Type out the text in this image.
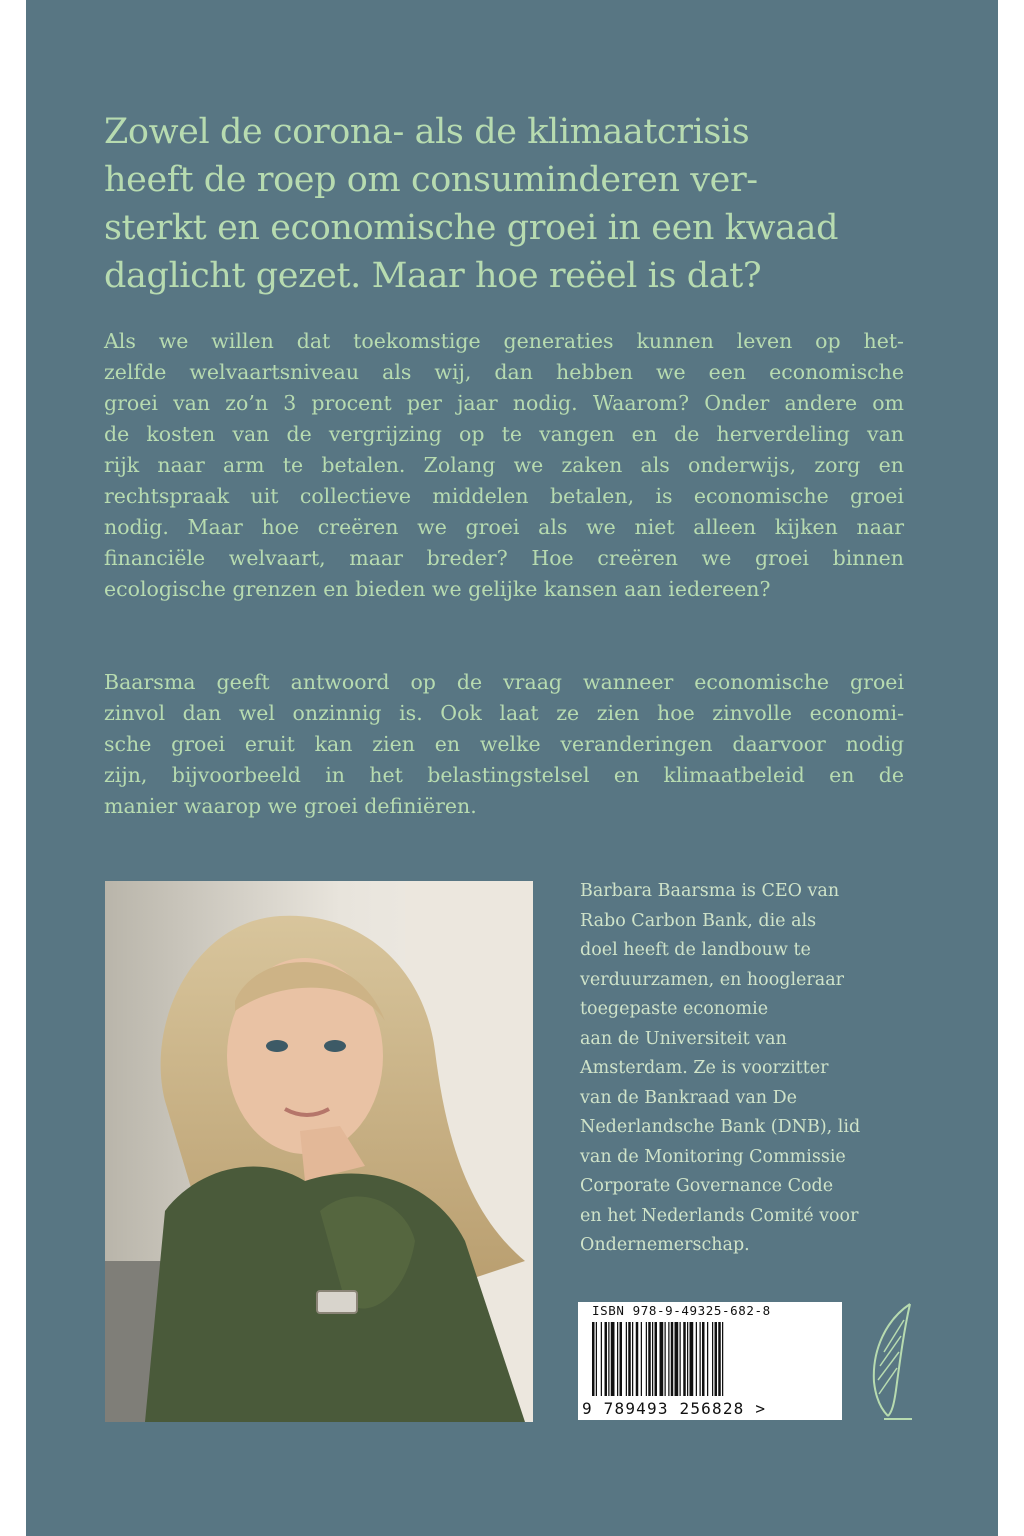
Zowel de corona- als de klimaatcrisis
heeft de roep om consuminderen ver-
sterkt en economische groei in een kwaad
daglicht gezet. Maar hoe reëel is dat?

Als we willen dat toekomstige generaties kunnen leven op het-
zelfde welvaartsniveau als wij, dan hebben we een economische
groei van zo’n 3 procent per jaar nodig. Waarom? Onder andere om
de kosten van de vergrijzing op te vangen en de herverdeling van
rijk naar arm te betalen. Zolang we zaken als onderwijs, zorg en
rechtspraak uit collectieve middelen betalen, is economische groei
nodig. Maar hoe creëren we groei als we niet alleen kijken naar
financiële welvaart, maar breder? Hoe creëren we groei binnen
ecologische grenzen en bieden we gelijke kansen aan iedereen?

Baarsma geeft antwoord op de vraag wanneer economische groei
zinvol dan wel onzinnig is. Ook laat ze zien hoe zinvolle economi-
sche groei eruit kan zien en welke veranderingen daarvoor nodig
zijn, bijvoorbeeld in het belastingstelsel en klimaatbeleid en de
manier waarop we groei definiëren.

Barbara Baarsma is CEO van
Rabo Carbon Bank, die als
doel heeft de landbouw te
verduurzamen, en hoogleraar
toegepaste economie
aan de Universiteit van
Amsterdam. Ze is voorzitter
van de Bankraad van De
Nederlandsche Bank (DNB), lid
van de Monitoring Commissie
Corporate Governance Code
en het Nederlands Comité voor
Ondernemerschap.

ISBN 978-9-49325-682-8
9 789493 256828 >
